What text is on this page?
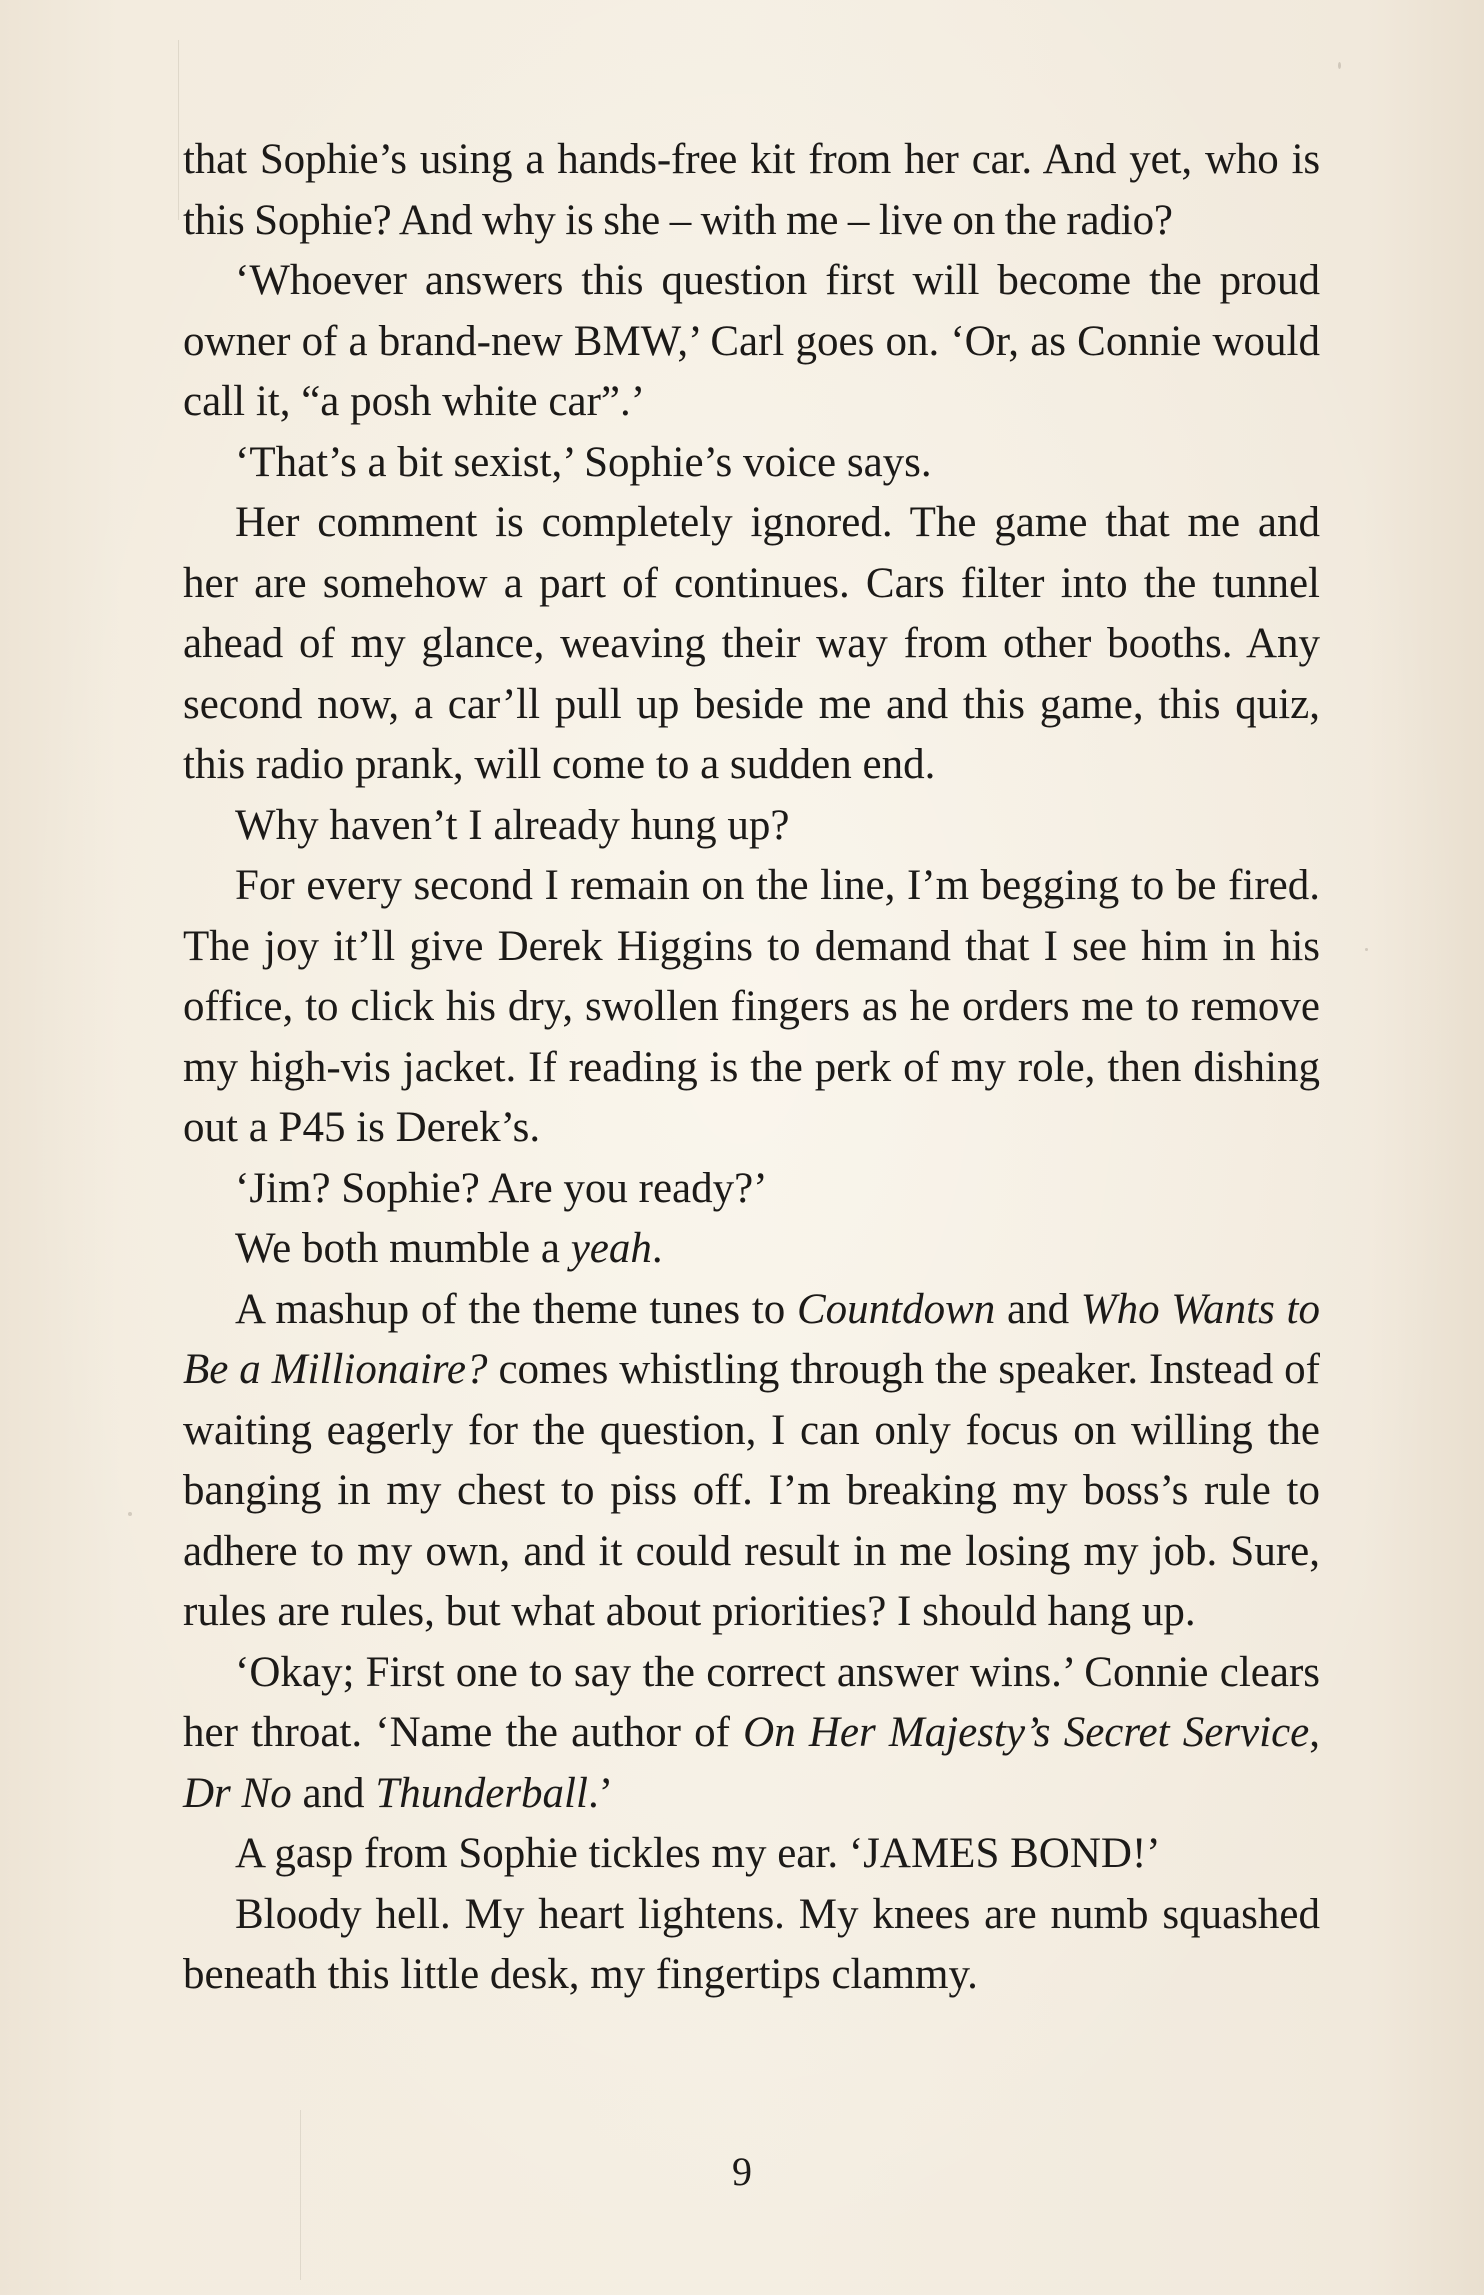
that Sophie’s using a hands-free kit from her car. And yet, who is this Sophie? And why is she – with me – live on the radio?

‘Whoever answers this question first will become the proud owner of a brand-new BMW,’ Carl goes on. ‘Or, as Connie would call it, “a posh white car”.’

‘That’s a bit sexist,’ Sophie’s voice says.

Her comment is completely ignored. The game that me and her are somehow a part of continues. Cars filter into the tunnel ahead of my glance, weaving their way from other booths. Any second now, a car’ll pull up beside me and this game, this quiz, this radio prank, will come to a sudden end.

Why haven’t I already hung up?

For every second I remain on the line, I’m begging to be fired. The joy it’ll give Derek Higgins to demand that I see him in his office, to click his dry, swollen fingers as he orders me to remove my high-vis jacket. If reading is the perk of my role, then dishing out a P45 is Derek’s.

‘Jim? Sophie? Are you ready?’

We both mumble a yeah.

A mashup of the theme tunes to Countdown and Who Wants to Be a Millionaire? comes whistling through the speaker. Instead of waiting eagerly for the question, I can only focus on willing the banging in my chest to piss off. I’m breaking my boss’s rule to adhere to my own, and it could result in me losing my job. Sure, rules are rules, but what about priorities? I should hang up.

‘Okay; First one to say the correct answer wins.’ Connie clears her throat. ‘Name the author of On Her Majesty’s Secret Service, Dr No and Thunderball.’

A gasp from Sophie tickles my ear. ‘JAMES BOND!’

Bloody hell. My heart lightens. My knees are numb squashed beneath this little desk, my fingertips clammy.

9
